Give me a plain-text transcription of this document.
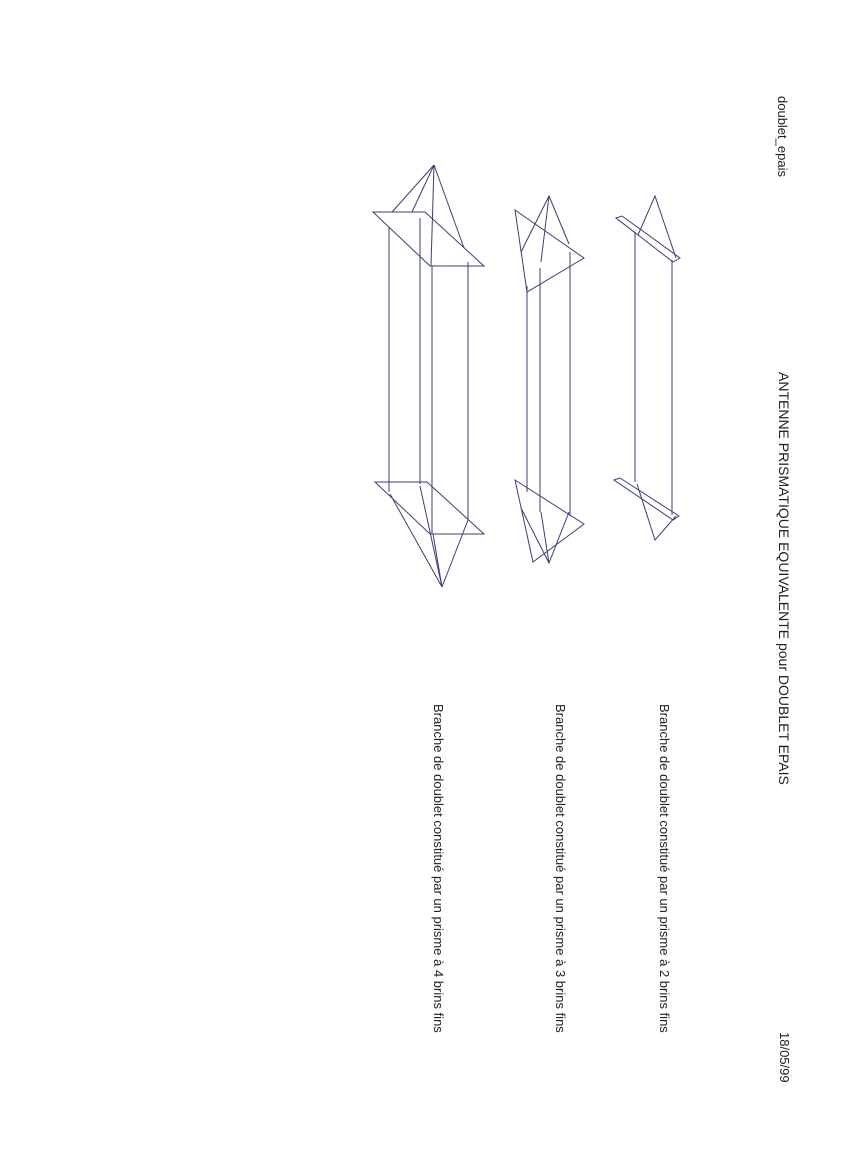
doublet_epais
ANTENNE PRISMATIQUE EQUIVALENTE pour DOUBLET EPAIS
18/05/99
Branche de doublet constitué par un prisme à 2 brins fins
Branche de doublet constitué par un prisme à 3 brins fins
Branche de doublet constitué par un prisme à 4 brins fins
